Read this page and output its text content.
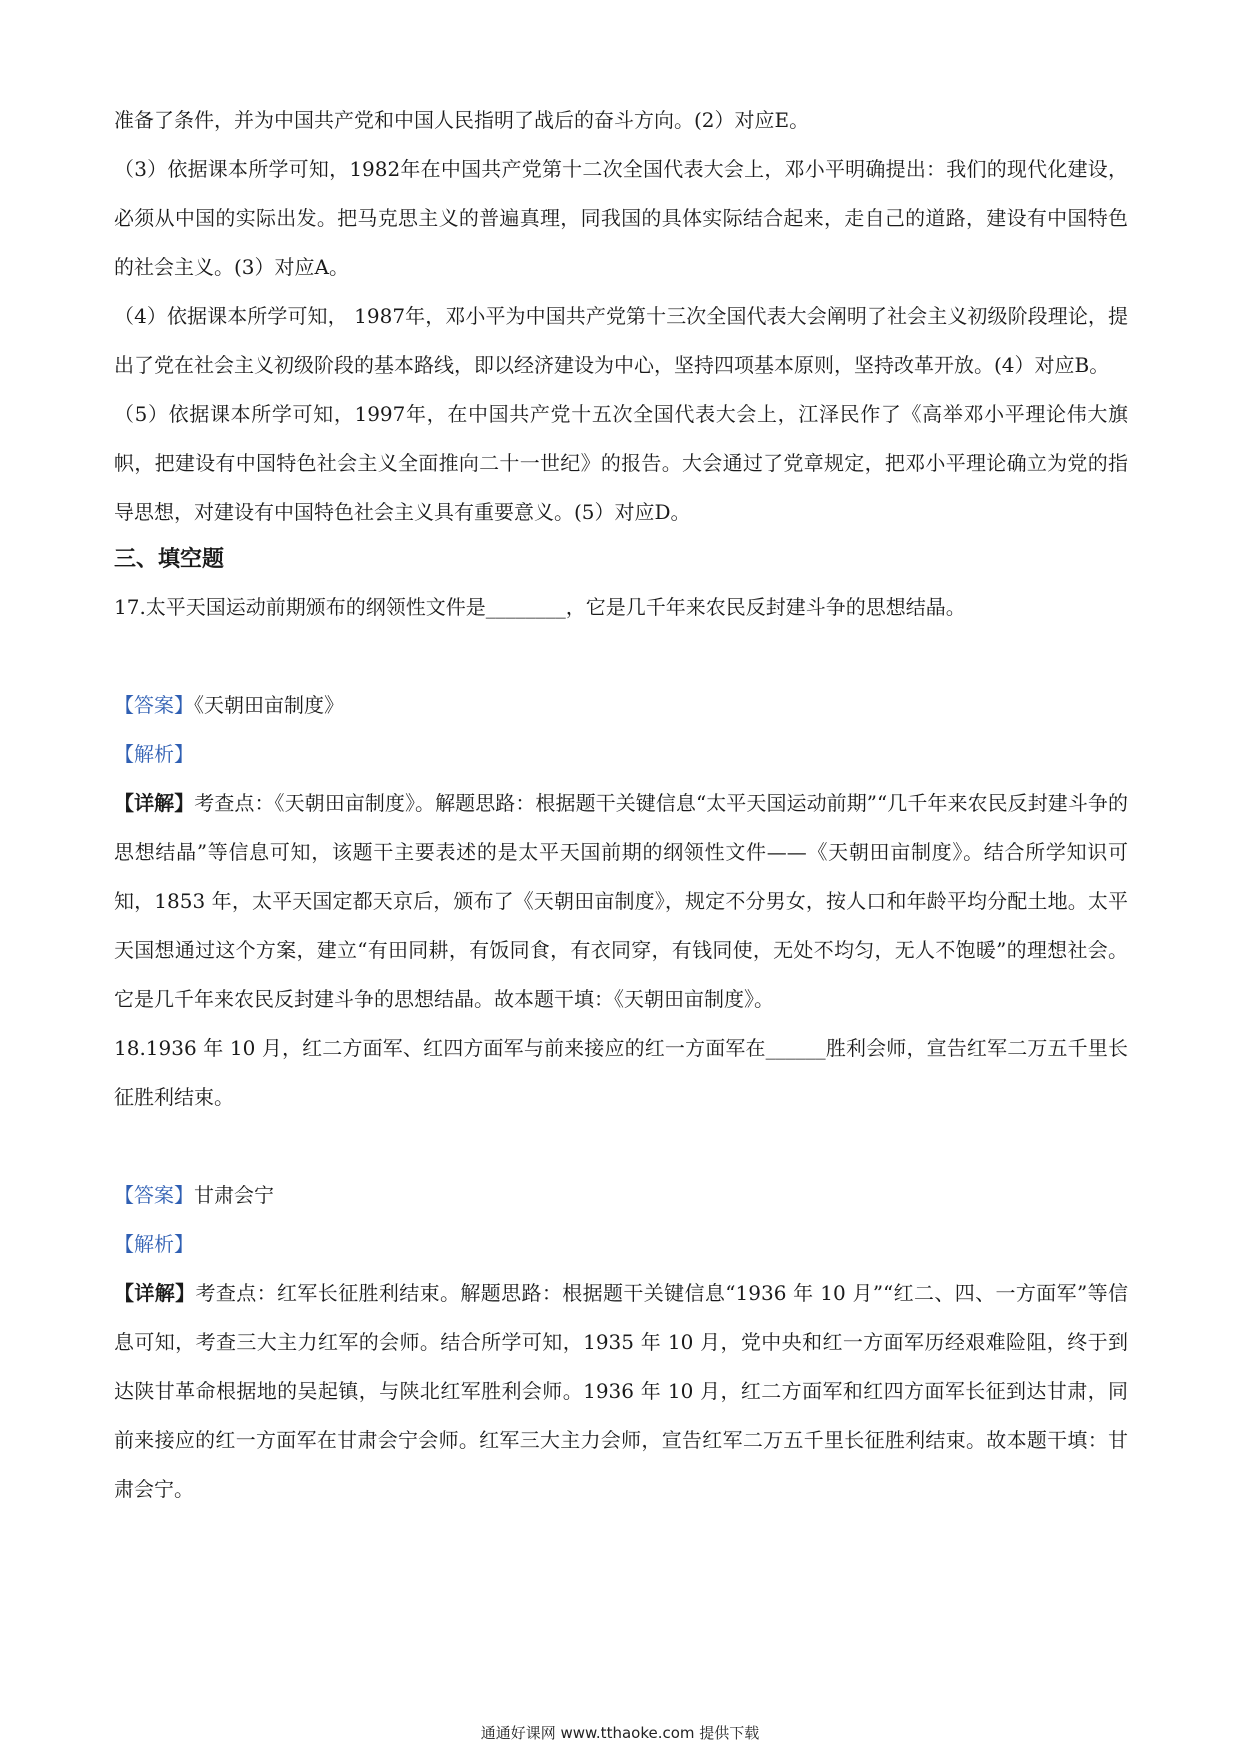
准备了条件，并为中国共产党和中国人民指明了战后的奋斗方向。(2）对应E。

（3）依据课本所学可知，1982年在中国共产党第十二次全国代表大会上，邓小平明确提出：我们的现代化建设，必须从中国的实际出发。把马克思主义的普遍真理，同我国的具体实际结合起来，走自己的道路，建设有中国特色的社会主义。(3）对应A。

（4）依据课本所学可知， 1987年，邓小平为中国共产党第十三次全国代表大会阐明了社会主义初级阶段理论，提出了党在社会主义初级阶段的基本路线，即以经济建设为中心，坚持四项基本原则，坚持改革开放。(4）对应B。

（5）依据课本所学可知，1997年，在中国共产党十五次全国代表大会上，江泽民作了《高举邓小平理论伟大旗帜，把建设有中国特色社会主义全面推向二十一世纪》的报告。大会通过了党章规定，把邓小平理论确立为党的指导思想，对建设有中国特色社会主义具有重要意义。(5）对应D。

三、填空题

17.太平天国运动前期颁布的纲领性文件是________，它是几千年来农民反封建斗争的思想结晶。

【答案】《天朝田亩制度》

【解析】

【详解】考查点：《天朝田亩制度》。解题思路：根据题干关键信息“太平天国运动前期”“几千年来农民反封建斗争的思想结晶”等信息可知，该题干主要表述的是太平天国前期的纲领性文件——《天朝田亩制度》。结合所学知识可知，1853 年，太平天国定都天京后，颁布了《天朝田亩制度》，规定不分男女，按人口和年龄平均分配土地。太平天国想通过这个方案，建立“有田同耕，有饭同食，有衣同穿，有钱同使，无处不均匀，无人不饱暖”的理想社会。它是几千年来农民反封建斗争的思想结晶。故本题干填：《天朝田亩制度》。

18.1936 年 10 月，红二方面军、红四方面军与前来接应的红一方面军在______胜利会师，宣告红军二万五千里长征胜利结束。

【答案】甘肃会宁

【解析】

【详解】考查点：红军长征胜利结束。解题思路：根据题干关键信息“1936 年 10 月”“红二、四、一方面军”等信息可知，考查三大主力红军的会师。结合所学可知，1935 年 10 月，党中央和红一方面军历经艰难险阻，终于到达陕甘革命根据地的吴起镇，与陕北红军胜利会师。1936 年 10 月，红二方面军和红四方面军长征到达甘肃，同前来接应的红一方面军在甘肃会宁会师。红军三大主力会师，宣告红军二万五千里长征胜利结束。故本题干填：甘肃会宁。

通通好课网 www.tthaoke.com 提供下载
